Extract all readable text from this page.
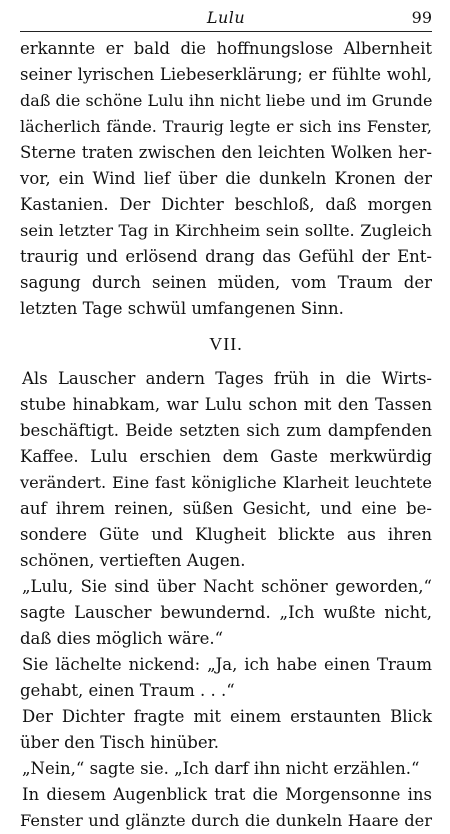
Lulu	99
erkannte er bald die hoffnungslose Albernheit
seiner lyrischen Liebeserklärung; er fühlte wohl,
daß die schöne Lulu ihn nicht liebe und im Grunde
lächerlich fände. Traurig legte er sich ins Fenster,
Sterne traten zwischen den leichten Wolken her-
vor, ein Wind lief über die dunkeln Kronen der
Kastanien. Der Dichter beschloß, daß morgen
sein letzter Tag in Kirchheim sein sollte. Zugleich
traurig und erlösend drang das Gefühl der Ent-
sagung durch seinen müden, vom Traum der
letzten Tage schwül umfangenen Sinn.
VII.
Als Lauscher andern Tages früh in die Wirts-
stube hinabkam, war Lulu schon mit den Tassen
beschäftigt. Beide setzten sich zum dampfenden
Kaffee. Lulu erschien dem Gaste merkwürdig
verändert. Eine fast königliche Klarheit leuchtete
auf ihrem reinen, süßen Gesicht, und eine be-
sondere Güte und Klugheit blickte aus ihren
schönen, vertieften Augen.
„Lulu, Sie sind über Nacht schöner geworden,“
sagte Lauscher bewundernd. „Ich wußte nicht,
daß dies möglich wäre.“
Sie lächelte nickend: „Ja, ich habe einen Traum
gehabt, einen Traum . . .“
Der Dichter fragte mit einem erstaunten Blick
über den Tisch hinüber.
„Nein,“ sagte sie. „Ich darf ihn nicht erzählen.“
In diesem Augenblick trat die Morgensonne ins
Fenster und glänzte durch die dunkeln Haare der
